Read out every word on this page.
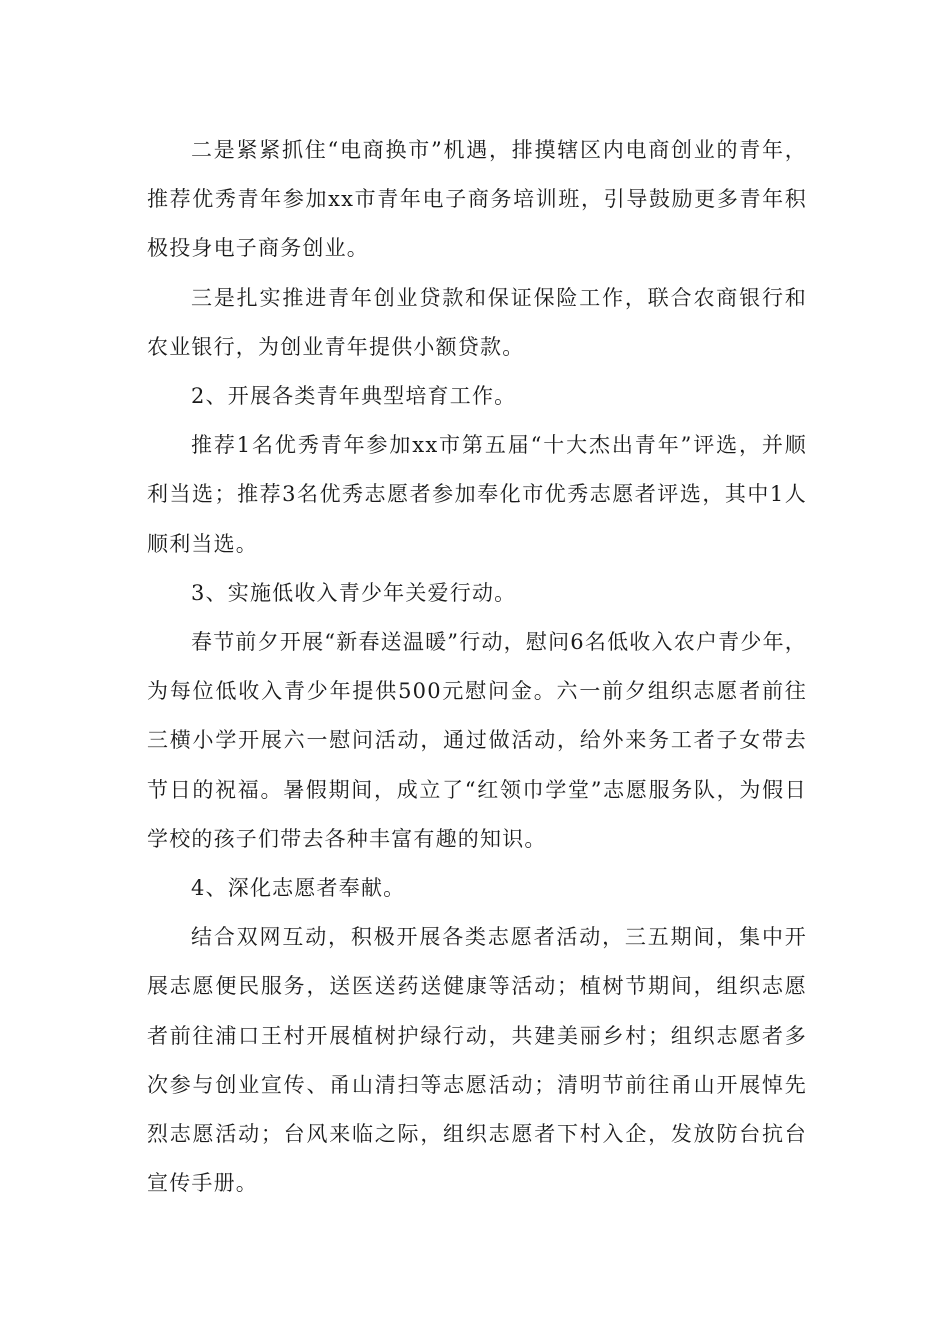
二是紧紧抓住“电商换市”机遇，排摸辖区内电商创业的青年，推荐优秀青年参加xx市青年电子商务培训班，引导鼓励更多青年积极投身电子商务创业。

三是扎实推进青年创业贷款和保证保险工作，联合农商银行和农业银行，为创业青年提供小额贷款。

2、开展各类青年典型培育工作。

推荐1名优秀青年参加xx市第五届“十大杰出青年”评选，并顺利当选；推荐3名优秀志愿者参加奉化市优秀志愿者评选，其中1人顺利当选。

3、实施低收入青少年关爱行动。

春节前夕开展“新春送温暖”行动，慰问6名低收入农户青少年，为每位低收入青少年提供500元慰问金。六一前夕组织志愿者前往三横小学开展六一慰问活动，通过做活动，给外来务工者子女带去节日的祝福。暑假期间，成立了“红领巾学堂”志愿服务队，为假日学校的孩子们带去各种丰富有趣的知识。

4、深化志愿者奉献。

结合双网互动，积极开展各类志愿者活动，三五期间，集中开展志愿便民服务，送医送药送健康等活动；植树节期间，组织志愿者前往浦口王村开展植树护绿行动，共建美丽乡村；组织志愿者多次参与创业宣传、甬山清扫等志愿活动；清明节前往甬山开展悼先烈志愿活动；台风来临之际，组织志愿者下村入企，发放防台抗台宣传手册。
